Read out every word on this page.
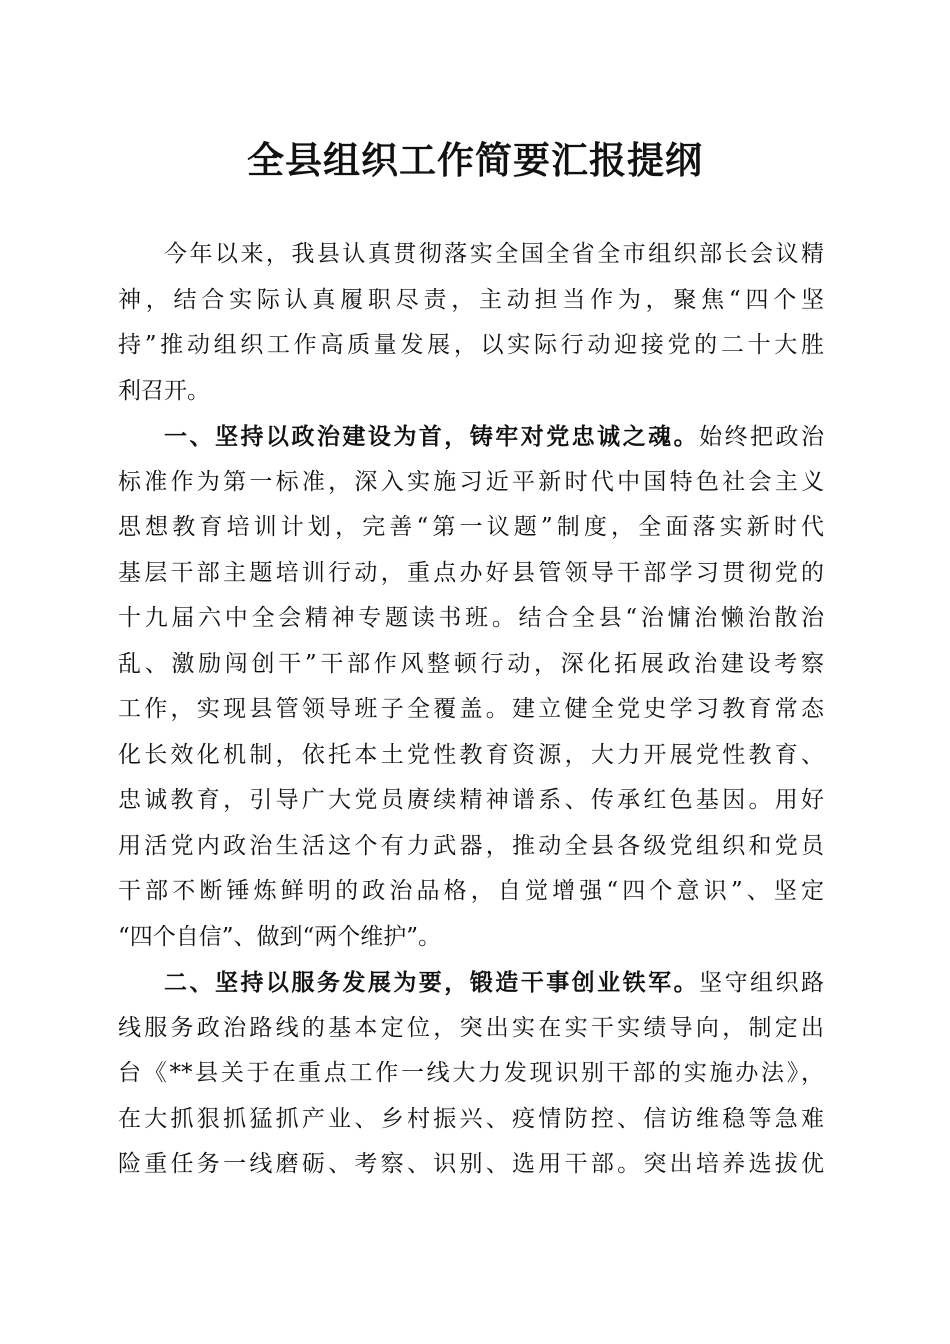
全县组织工作简要汇报提纲
今年以来，我县认真贯彻落实全国全省全市组织部长会议精
神，结合实际认真履职尽责，主动担当作为，聚焦“四个坚
持”推动组织工作高质量发展，以实际行动迎接党的二十大胜
利召开。
一、坚持以政治建设为首，铸牢对党忠诚之魂。始终把政治
标准作为第一标准，深入实施习近平新时代中国特色社会主义
思想教育培训计划，完善“第一议题”制度，全面落实新时代
基层干部主题培训行动，重点办好县管领导干部学习贯彻党的
十九届六中全会精神专题读书班。结合全县“治慵治懒治散治
乱、激励闯创干”干部作风整顿行动，深化拓展政治建设考察
工作，实现县管领导班子全覆盖。建立健全党史学习教育常态
化长效化机制，依托本土党性教育资源，大力开展党性教育、
忠诚教育，引导广大党员赓续精神谱系、传承红色基因。用好
用活党内政治生活这个有力武器，推动全县各级党组织和党员
干部不断锤炼鲜明的政治品格，自觉增强“四个意识”、坚定
“四个自信”、做到“两个维护”。
二、坚持以服务发展为要，锻造干事创业铁军。坚守组织路
线服务政治路线的基本定位，突出实在实干实绩导向，制定出
台《**县关于在重点工作一线大力发现识别干部的实施办法》，
在大抓狠抓猛抓产业、乡村振兴、疫情防控、信访维稳等急难
险重任务一线磨砺、考察、识别、选用干部。突出培养选拔优
